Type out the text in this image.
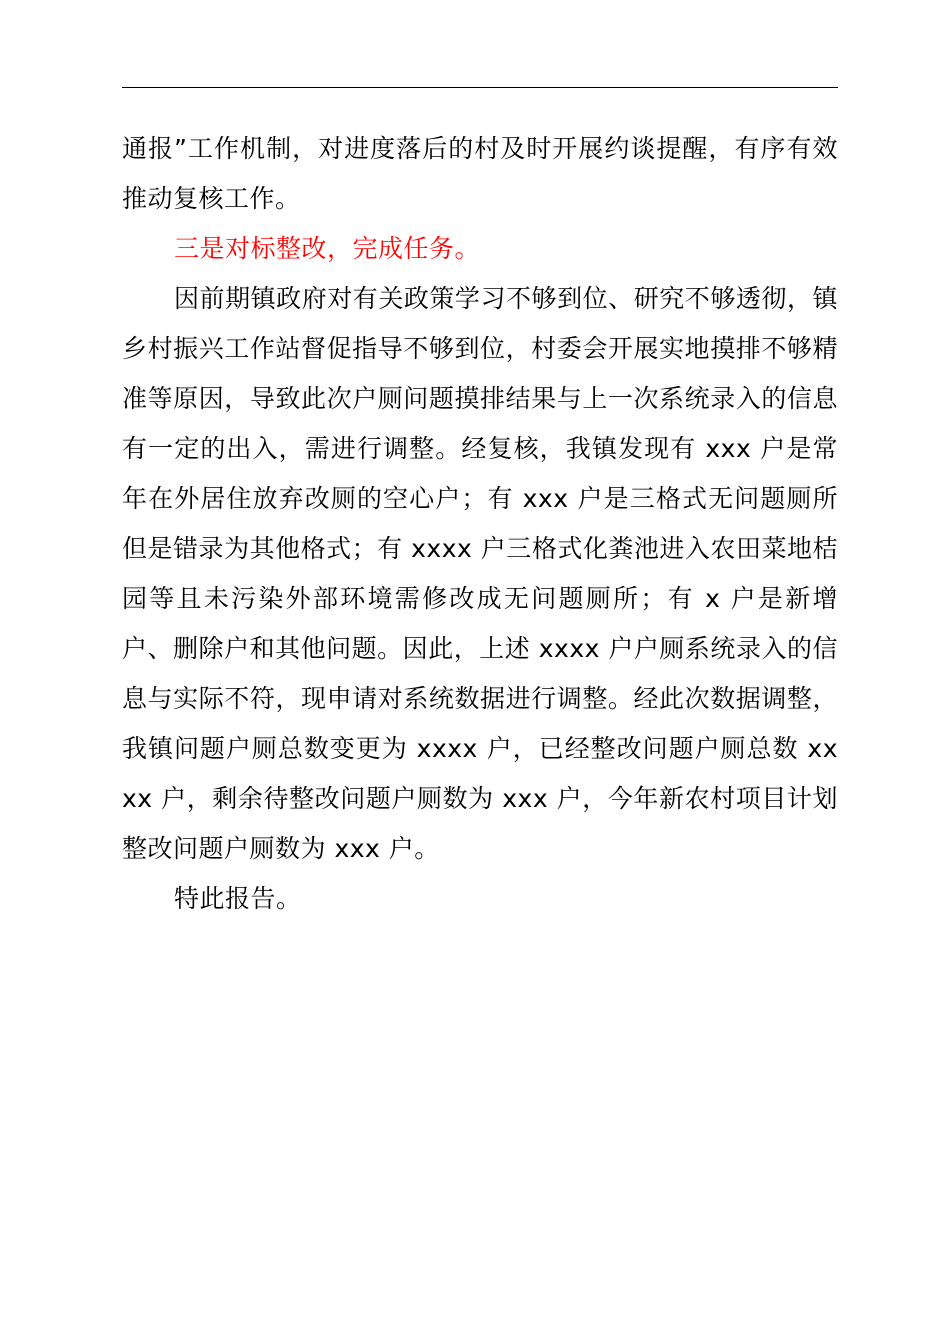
通报”工作机制，对进度落后的村及时开展约谈提醒，有序有效推动复核工作。

三是对标整改，完成任务。

因前期镇政府对有关政策学习不够到位、研究不够透彻，镇乡村振兴工作站督促指导不够到位，村委会开展实地摸排不够精准等原因，导致此次户厕问题摸排结果与上一次系统录入的信息有一定的出入，需进行调整。经复核，我镇发现有 xxx 户是常年在外居住放弃改厕的空心户；有 xxx 户是三格式无问题厕所但是错录为其他格式；有 xxxx 户三格式化粪池进入农田菜地桔园等且未污染外部环境需修改成无问题厕所；有 x 户是新增户、删除户和其他问题。因此，上述 xxxx 户户厕系统录入的信息与实际不符，现申请对系统数据进行调整。经此次数据调整，我镇问题户厕总数变更为 xxxx 户，已经整改问题户厕总数 xxxx 户，剩余待整改问题户厕数为 xxx 户，今年新农村项目计划整改问题户厕数为 xxx 户。

特此报告。
